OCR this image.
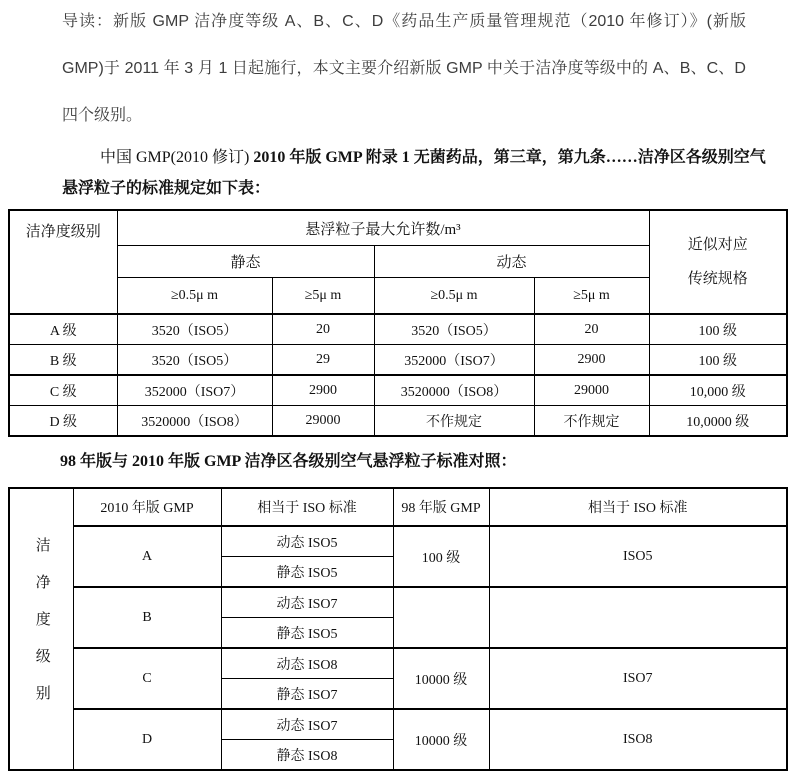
导读：新版 GMP 洁净度等级 A、B、C、D《药品生产质量管理规范（2010 年修订）》(新版 GMP)于 2011 年 3 月 1 日起施行，本文主要介绍新版 GMP 中关于洁净度等级中的 A、B、C、D 四个级别。

中国 GMP(2010 修订) 2010 年版 GMP 附录 1 无菌药品，第三章，第九条……洁净区各级别空气悬浮粒子的标准规定如下表：

洁净度级别	悬浮粒子最大允许数/m³				近似对应
传统规格

	静态		动态		
	≥0.5μ m	≥5μ m	≥0.5μ m	≥5μ m	
A 级	3520（ISO5）	20	3520（ISO5）	20	100 级
B 级	3520（ISO5）	29	352000（ISO7）	2900	100 级
C 级	352000（ISO7）	2900	3520000（ISO8）	29000	10,000 级
D 级	3520000（ISO8）	29000	不作规定	不作规定	10,0000 级
98 年版与 2010 年版 GMP 洁净区各级别空气悬浮粒子标准对照：
洁净度级别	2010 年版 GMP	相当于 ISO 标准	98 年版 GMP	相当于 ISO 标准
	A	动态 ISO5	100 级	ISO5
		静态 ISO5		
	B	动态 ISO7		
		静态 ISO5		
	C	动态 ISO8	10000 级	ISO7
		静态 ISO7		
	D	动态 ISO7	10000 级	ISO8
		静态 ISO8		
